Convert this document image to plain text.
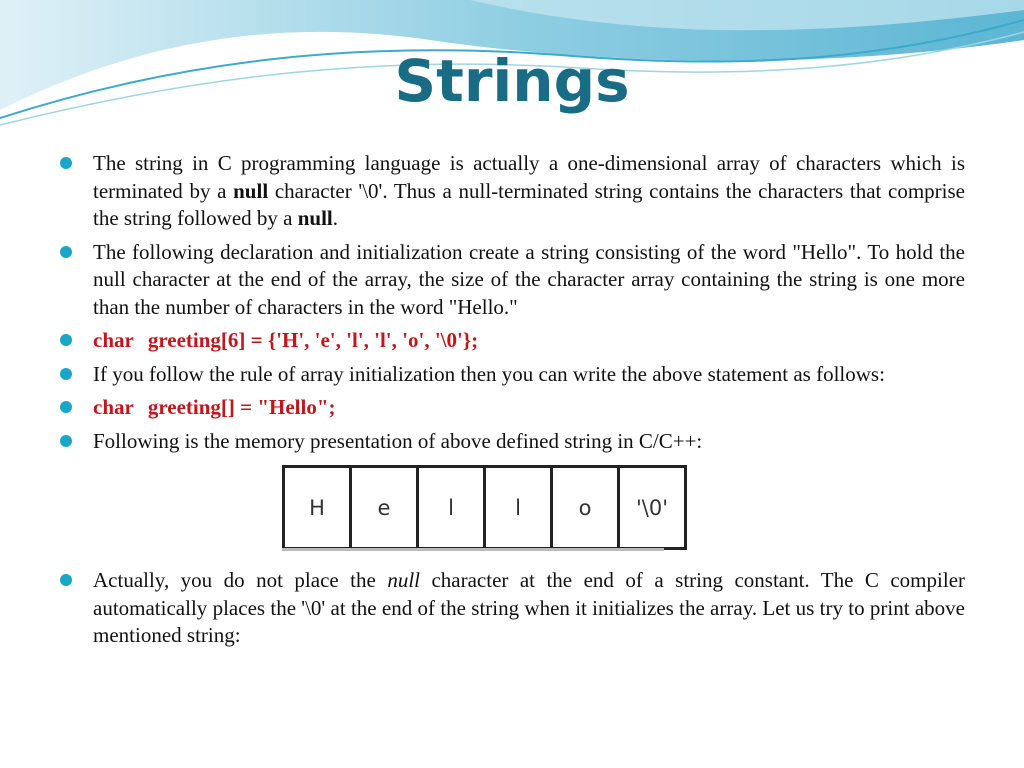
Strings
The string in C programming language is actually a one-dimensional array of characters which is terminated by a null character '\0'. Thus a null-terminated string contains the characters that comprise the string followed by a null.
The following declaration and initialization create a string consisting of the word "Hello". To hold the null character at the end of the array, the size of the character array containing the string is one more than the number of characters in the word "Hello."
char greeting[6] = {'H', 'e', 'l', 'l', 'o', '\0'};
If you follow the rule of array initialization then you can write the above statement as follows:
char greeting[] = "Hello";
Following is the memory presentation of above defined string in C/C++:
H	e	l	l	o	'\0'
Actually, you do not place the null character at the end of a string constant. The C compiler automatically places the '\0' at the end of the string when it initializes the array. Let us try to print above mentioned string:
